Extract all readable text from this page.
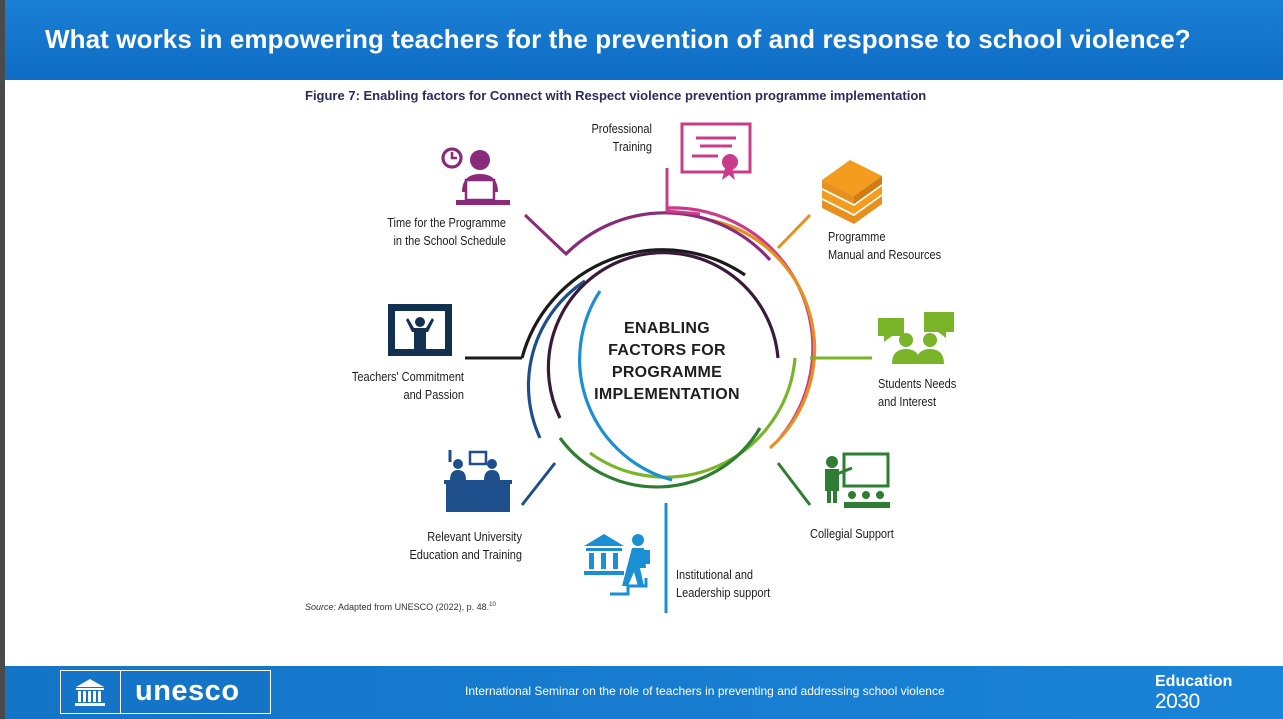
What works in empowering teachers for the prevention of and response to school violence?
Figure 7: Enabling factors for Connect with Respect violence prevention programme implementation
ENABLING
FACTORS FOR
PROGRAMME
IMPLEMENTATION
Professional
Training
Programme
Manual and Resources
Students Needs
and Interest
Collegial Support
Institutional and
Leadership support
Relevant University
Education and Training
Teachers' Commitment
and Passion
Time for the Programme
in the School Schedule
Source: Adapted from UNESCO (2022), p. 48.10
unesco	International Seminar on the role of teachers in preventing and addressing school violence
Education
2030
